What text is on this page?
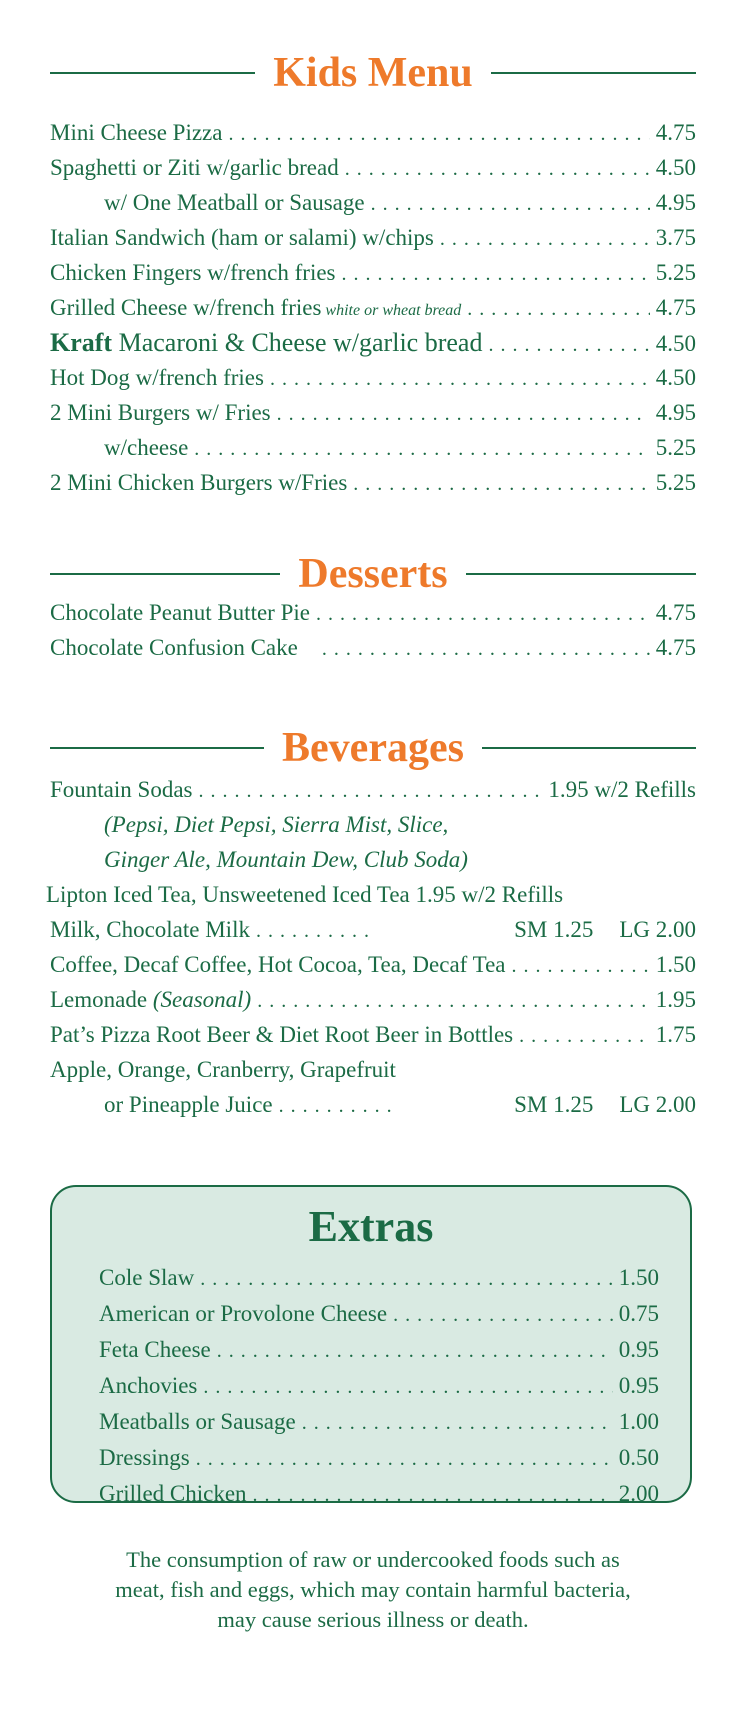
Kids Menu
Mini Cheese Pizza . . .	4.75
Spaghetti or Ziti w/garlic bread . . .	4.50
w/ One Meatball or Sausage . . .	4.95
Italian Sandwich (ham or salami) w/chips . . .	3.75
Chicken Fingers w/french fries . . .	5.25
Grilled Cheese w/french fries white or wheat bread . . .	4.75
Kraft Macaroni & Cheese w/garlic bread . . .	4.50
Hot Dog w/french fries . . .	4.50
2 Mini Burgers w/ Fries . . .	4.95
w/cheese . . .	5.25
2 Mini Chicken Burgers w/Fries . . .	5.25
Desserts
Chocolate Peanut Butter Pie . . .	4.75
Chocolate Confusion Cake . . .	4.75
Beverages
Fountain Sodas . . .	1.95 w/2 Refills
(Pepsi, Diet Pepsi, Sierra Mist, Slice,
Ginger Ale, Mountain Dew, Club Soda)
Lipton Iced Tea, Unsweetened Iced Tea 1.95 w/2 Refills
Milk, Chocolate Milk . . .	SM 1.25 LG 2.00
Coffee, Decaf Coffee, Hot Cocoa, Tea, Decaf Tea . . .	1.50
Lemonade (Seasonal) . . .	1.95
Pat’s Pizza Root Beer & Diet Root Beer in Bottles . . .	1.75
Apple, Orange, Cranberry, Grapefruit
or Pineapple Juice . . .	SM 1.25 LG 2.00
Extras
Cole Slaw . . .	1.50
American or Provolone Cheese . . .	0.75
Feta Cheese . . .	0.95
Anchovies . . .	0.95
Meatballs or Sausage . . .	1.00
Dressings . . .	0.50
Grilled Chicken . . .	2.00
The consumption of raw or undercooked foods such as
meat, fish and eggs, which may contain harmful bacteria,
may cause serious illness or death.
